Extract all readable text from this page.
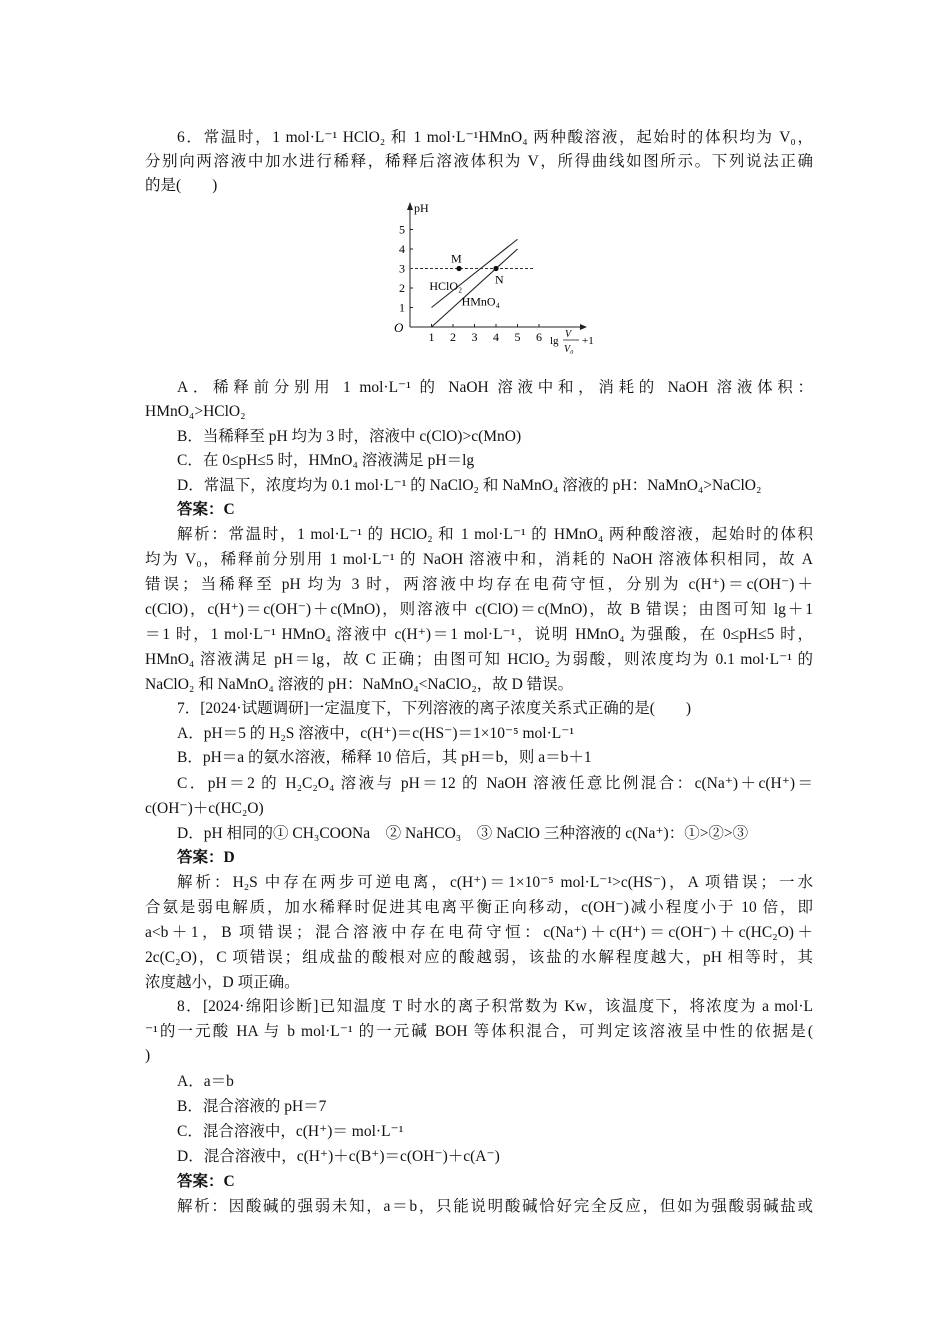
6．常温时，1 mol·L⁻¹ HClO₂ 和 1 mol·L⁻¹HMnO₄ 两种酸溶液，起始时的体积均为 V₀，
分别向两溶液中加水进行稀释，稀释后溶液体积为 V，所得曲线如图所示。下列说法正确
的是(　　)
pH
O
lg
V
V₀
+1
1 2 3 4 5 6
1
2
3
4
5
HClO₂
HMnO₄
M
N
A．稀释前分别用 1 mol·L⁻¹ 的 NaOH 溶液中和，消耗的 NaOH 溶液体积：
HMnO₄>HClO₂
B．当稀释至 pH 均为 3 时，溶液中 c(ClO)>c(MnO)
C．在 0≤pH≤5 时，HMnO₄ 溶液满足 pH＝lg
D．常温下，浓度均为 0.1 mol·L⁻¹ 的 NaClO₂ 和 NaMnO₄ 溶液的 pH：NaMnO₄>NaClO₂
答案：C
解析：常温时，1 mol·L⁻¹ 的 HClO₂ 和 1 mol·L⁻¹ 的 HMnO₄ 两种酸溶液，起始时的体积
均为 V₀，稀释前分别用 1 mol·L⁻¹ 的 NaOH 溶液中和，消耗的 NaOH 溶液体积相同，故 A
错误；当稀释至 pH 均为 3 时，两溶液中均存在电荷守恒，分别为 c(H⁺)＝c(OH⁻)＋
c(ClO)，c(H⁺)＝c(OH⁻)＋c(MnO)，则溶液中 c(ClO)＝c(MnO)，故 B 错误；由图可知 lg＋1
＝1 时，1 mol·L⁻¹ HMnO₄ 溶液中 c(H⁺)＝1 mol·L⁻¹，说明 HMnO₄ 为强酸，在 0≤pH≤5 时，
HMnO₄ 溶液满足 pH＝lg，故 C 正确；由图可知 HClO₂ 为弱酸，则浓度均为 0.1 mol·L⁻¹ 的
NaClO₂ 和 NaMnO₄ 溶液的 pH：NaMnO₄<NaClO₂，故 D 错误。
7．[2024·试题调研]一定温度下，下列溶液的离子浓度关系式正确的是(　　)
A．pH＝5 的 H₂S 溶液中，c(H⁺)＝c(HS⁻)＝1×10⁻⁵ mol·L⁻¹
B．pH＝a 的氨水溶液，稀释 10 倍后，其 pH＝b，则 a＝b＋1
C．pH＝2 的 H₂C₂O₄ 溶液与 pH＝12 的 NaOH 溶液任意比例混合：c(Na⁺)＋c(H⁺)＝
c(OH⁻)＋c(HC₂O)
D．pH 相同的① CH₃COONa　② NaHCO₃　③ NaClO 三种溶液的 c(Na⁺)：①>②>③
答案：D
解析：H₂S 中存在两步可逆电离，c(H⁺)＝1×10⁻⁵ mol·L⁻¹>c(HS⁻)，A 项错误；一水
合氨是弱电解质，加水稀释时促进其电离平衡正向移动，c(OH⁻)减小程度小于 10 倍，即
a<b＋1，B 项错误；混合溶液中存在电荷守恒：c(Na⁺)＋c(H⁺)＝c(OH⁻)＋c(HC₂O)＋
2c(C₂O)，C 项错误；组成盐的酸根对应的酸越弱，该盐的水解程度越大，pH 相等时，其
浓度越小，D 项正确。
8．[2024·绵阳诊断]已知温度 T 时水的离子积常数为 Kw，该温度下，将浓度为 a mol·L
⁻¹的一元酸 HA 与 b mol·L⁻¹ 的一元碱 BOH 等体积混合，可判定该溶液呈中性的依据是(
)
A．a＝b
B．混合溶液的 pH＝7
C．混合溶液中，c(H⁺)＝ mol·L⁻¹
D．混合溶液中，c(H⁺)＋c(B⁺)＝c(OH⁻)＋c(A⁻)
答案：C
解析：因酸碱的强弱未知，a＝b，只能说明酸碱恰好完全反应，但如为强酸弱碱盐或
